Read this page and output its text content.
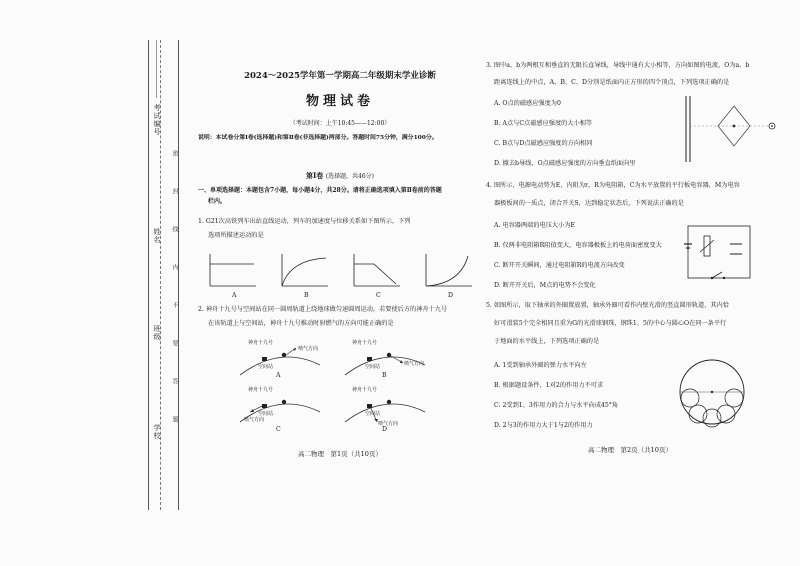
考试编号
姓名
班级
学校
密
封
线
内
不
要
答
题
2024～2025学年第一学期高二年级期末学业诊断
物理试卷
（考试时间：上午10:45——12:00）
说明：本试卷分第Ⅰ卷(选择题)和第Ⅱ卷(非选择题)两部分。答题时间75分钟，满分100分。
第Ⅰ卷 (选择题，共46分)
一、单项选择题：本题包含7小题，每小题4分，共28分。请将正确选项填入第Ⅱ卷前的答题
栏内。
1. G21次高铁列车出站直线运动，列车的加速度与位移关系如下图所示，下列
选项所描述运动的是
A	B	C	D
2. 神舟十九号与空间站在同一圆周轨道上绕地球做匀速圆周运动，若要使后方的神舟十九号
在该轨道上与空间站，神舟十九号推动时射燃气的方向可能正确的是
神舟十九号
喷气方向
空间站
神舟十九号
喷气方向
空间站
A	B
神舟十九号
空间站
喷气方向
神舟十九号
空间站
喷气方向
C	D
高二物理　第1页（共10页）
3. 图中a、b为两根互相垂直的无限长直导线，导线中通有大小相等，方向如图的电流，O为a、b
距离连线上的中点，A、B、C、D分别是纸面内正方形的四个顶点，下列选项正确的是
A. O点的磁感应强度为0
B. A点与C点磁感应强度的大小相等
C. B点与D点磁感应强度的方向相同
D. 撤去b导线，O点磁感应强度的方向垂直纸面向里
4. 图所示，电源电动势为E，内阻为r，R为电阻箱，C为水平放置的平行板电容器，M为电容
器极板间的一质点，闭合开关S，达到稳定状态后，下列说法正确的是
A. 电容器两端的电压大小为E
B. 仅两非电阻箱R阻值变大，电容器极板上的电荷面密度变大
C. 断开开关瞬间，通过电阻箱R的电流方向改变
D. 断开开关后，M点的电势不会变化
5. 如图所示，取下轴承的外圈置放置，轴承外圈可看作内壁光滑的竖直圆形轨道，其内恰
好可滑装5个完全相同且重为G的光滑球钢珠，钢珠1、5的中心与圆心O在同一条平行
于地面的水平线上，下列选项正确的是
A. 1受到轴承外圈的弹力水平向左
B. 根据题设条件，1对2的作用力不可求
C. 2受到1、3作用力的合力与水平向成45°角
D. 2与3的作用力大于1与2的作用力
高二物理　第2页（共10页）
